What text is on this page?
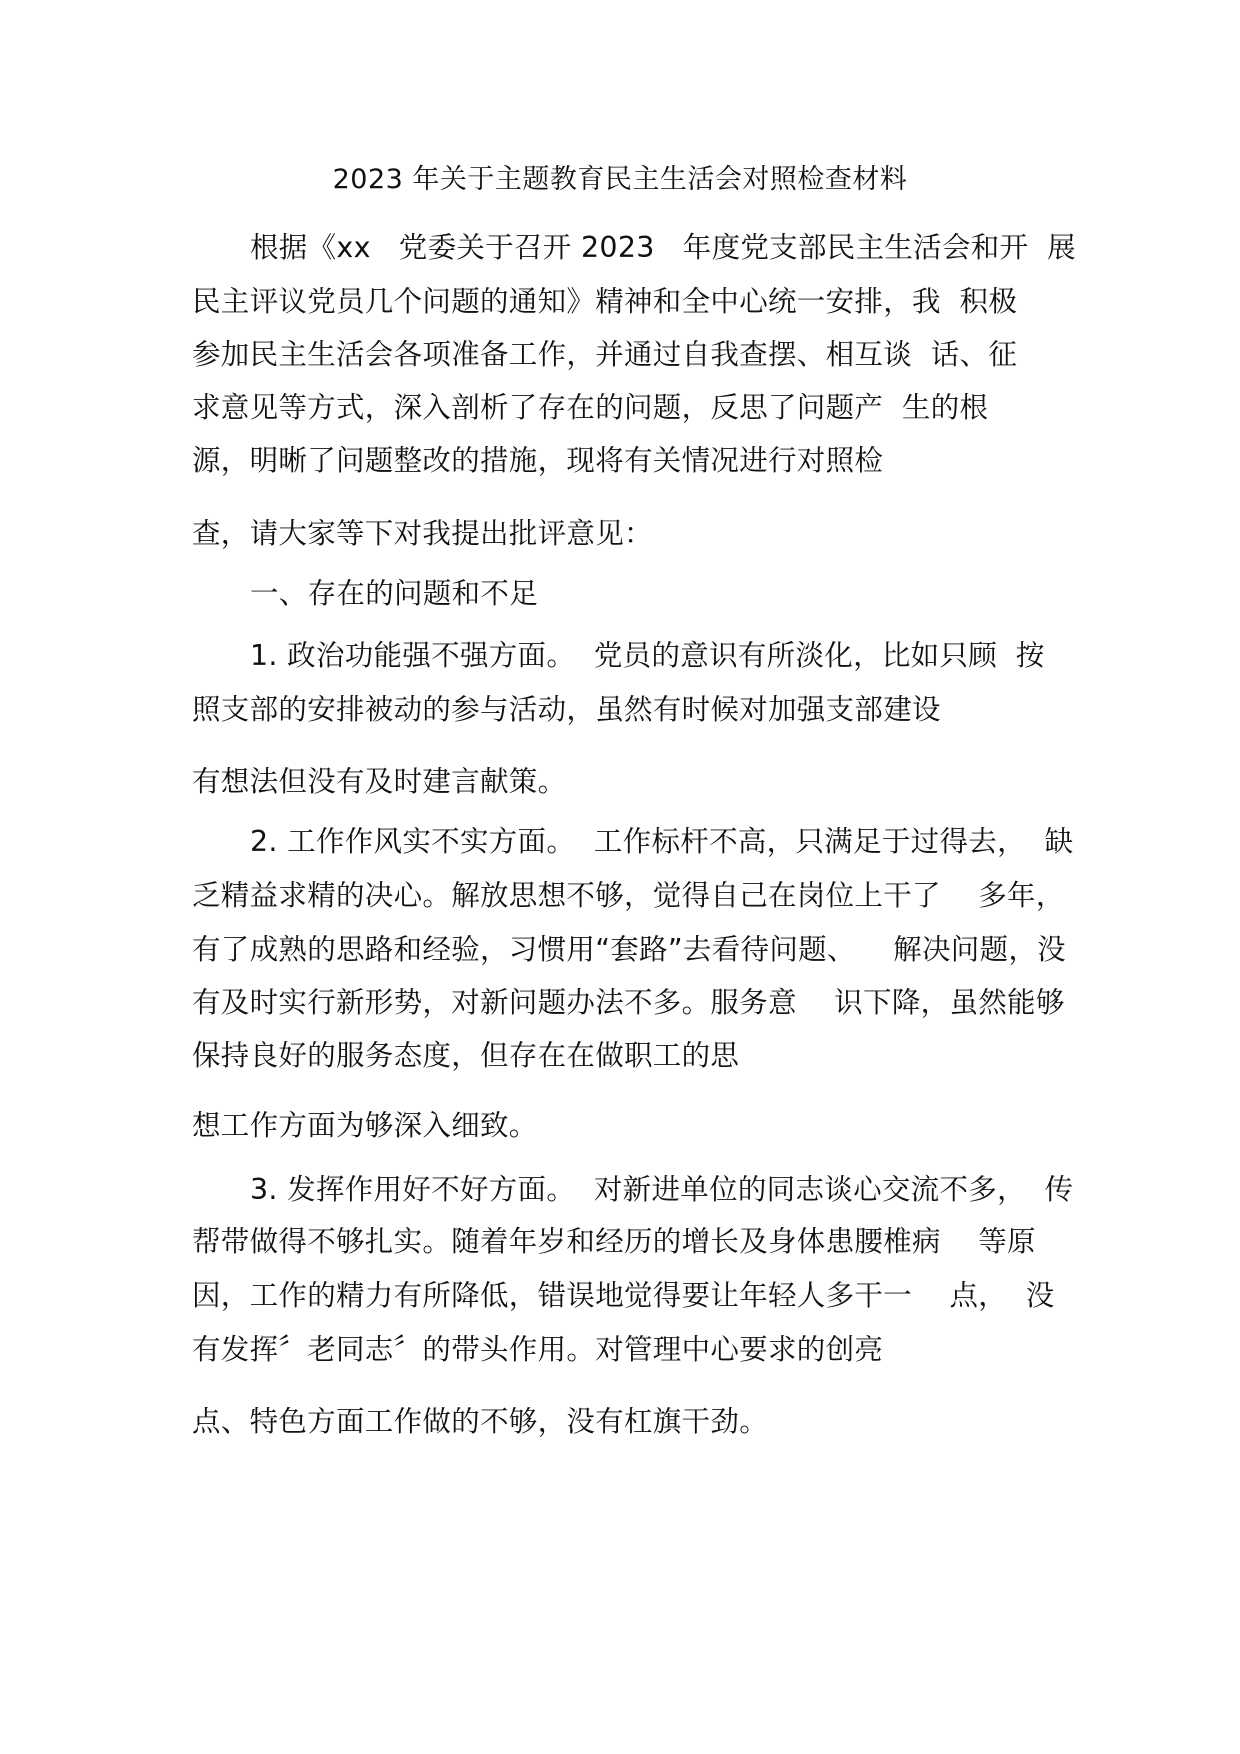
2023 年关于主题教育民主生活会对照检查材料
根据《xx   党委关于召开 2023   年度党支部民主生活会和开  展
民主评议党员几个问题的通知》精神和全中心统一安排，我  积极
参加民主生活会各项准备工作，并通过自我查摆、相互谈  话、征
求意见等方式，深入剖析了存在的问题，反思了问题产  生的根
源，明晰了问题整改的措施，现将有关情况进行对照检
查，请大家等下对我提出批评意见：
一、存在的问题和不足
1. 政治功能强不强方面。  党员的意识有所淡化，比如只顾  按
照支部的安排被动的参与活动，虽然有时候对加强支部建设
有想法但没有及时建言献策。
2. 工作作风实不实方面。  工作标杆不高，只满足于过得去，  缺
乏精益求精的决心。解放思想不够，觉得自己在岗位上干了    多年，
有了成熟的思路和经验，习惯用“套路”去看待问题、    解决问题，没
有及时实行新形势，对新问题办法不多。服务意    识下降，虽然能够
保持良好的服务态度，但存在在做职工的思
想工作方面为够深入细致。
3. 发挥作用好不好方面。  对新进单位的同志谈心交流不多，  传
帮带做得不够扎实。随着年岁和经历的增长及身体患腰椎病    等原
因，工作的精力有所降低，错误地觉得要让年轻人多干一    点，  没
有发挥〞老同志〞的带头作用。对管理中心要求的创亮
点、特色方面工作做的不够，没有杠旗干劲。
